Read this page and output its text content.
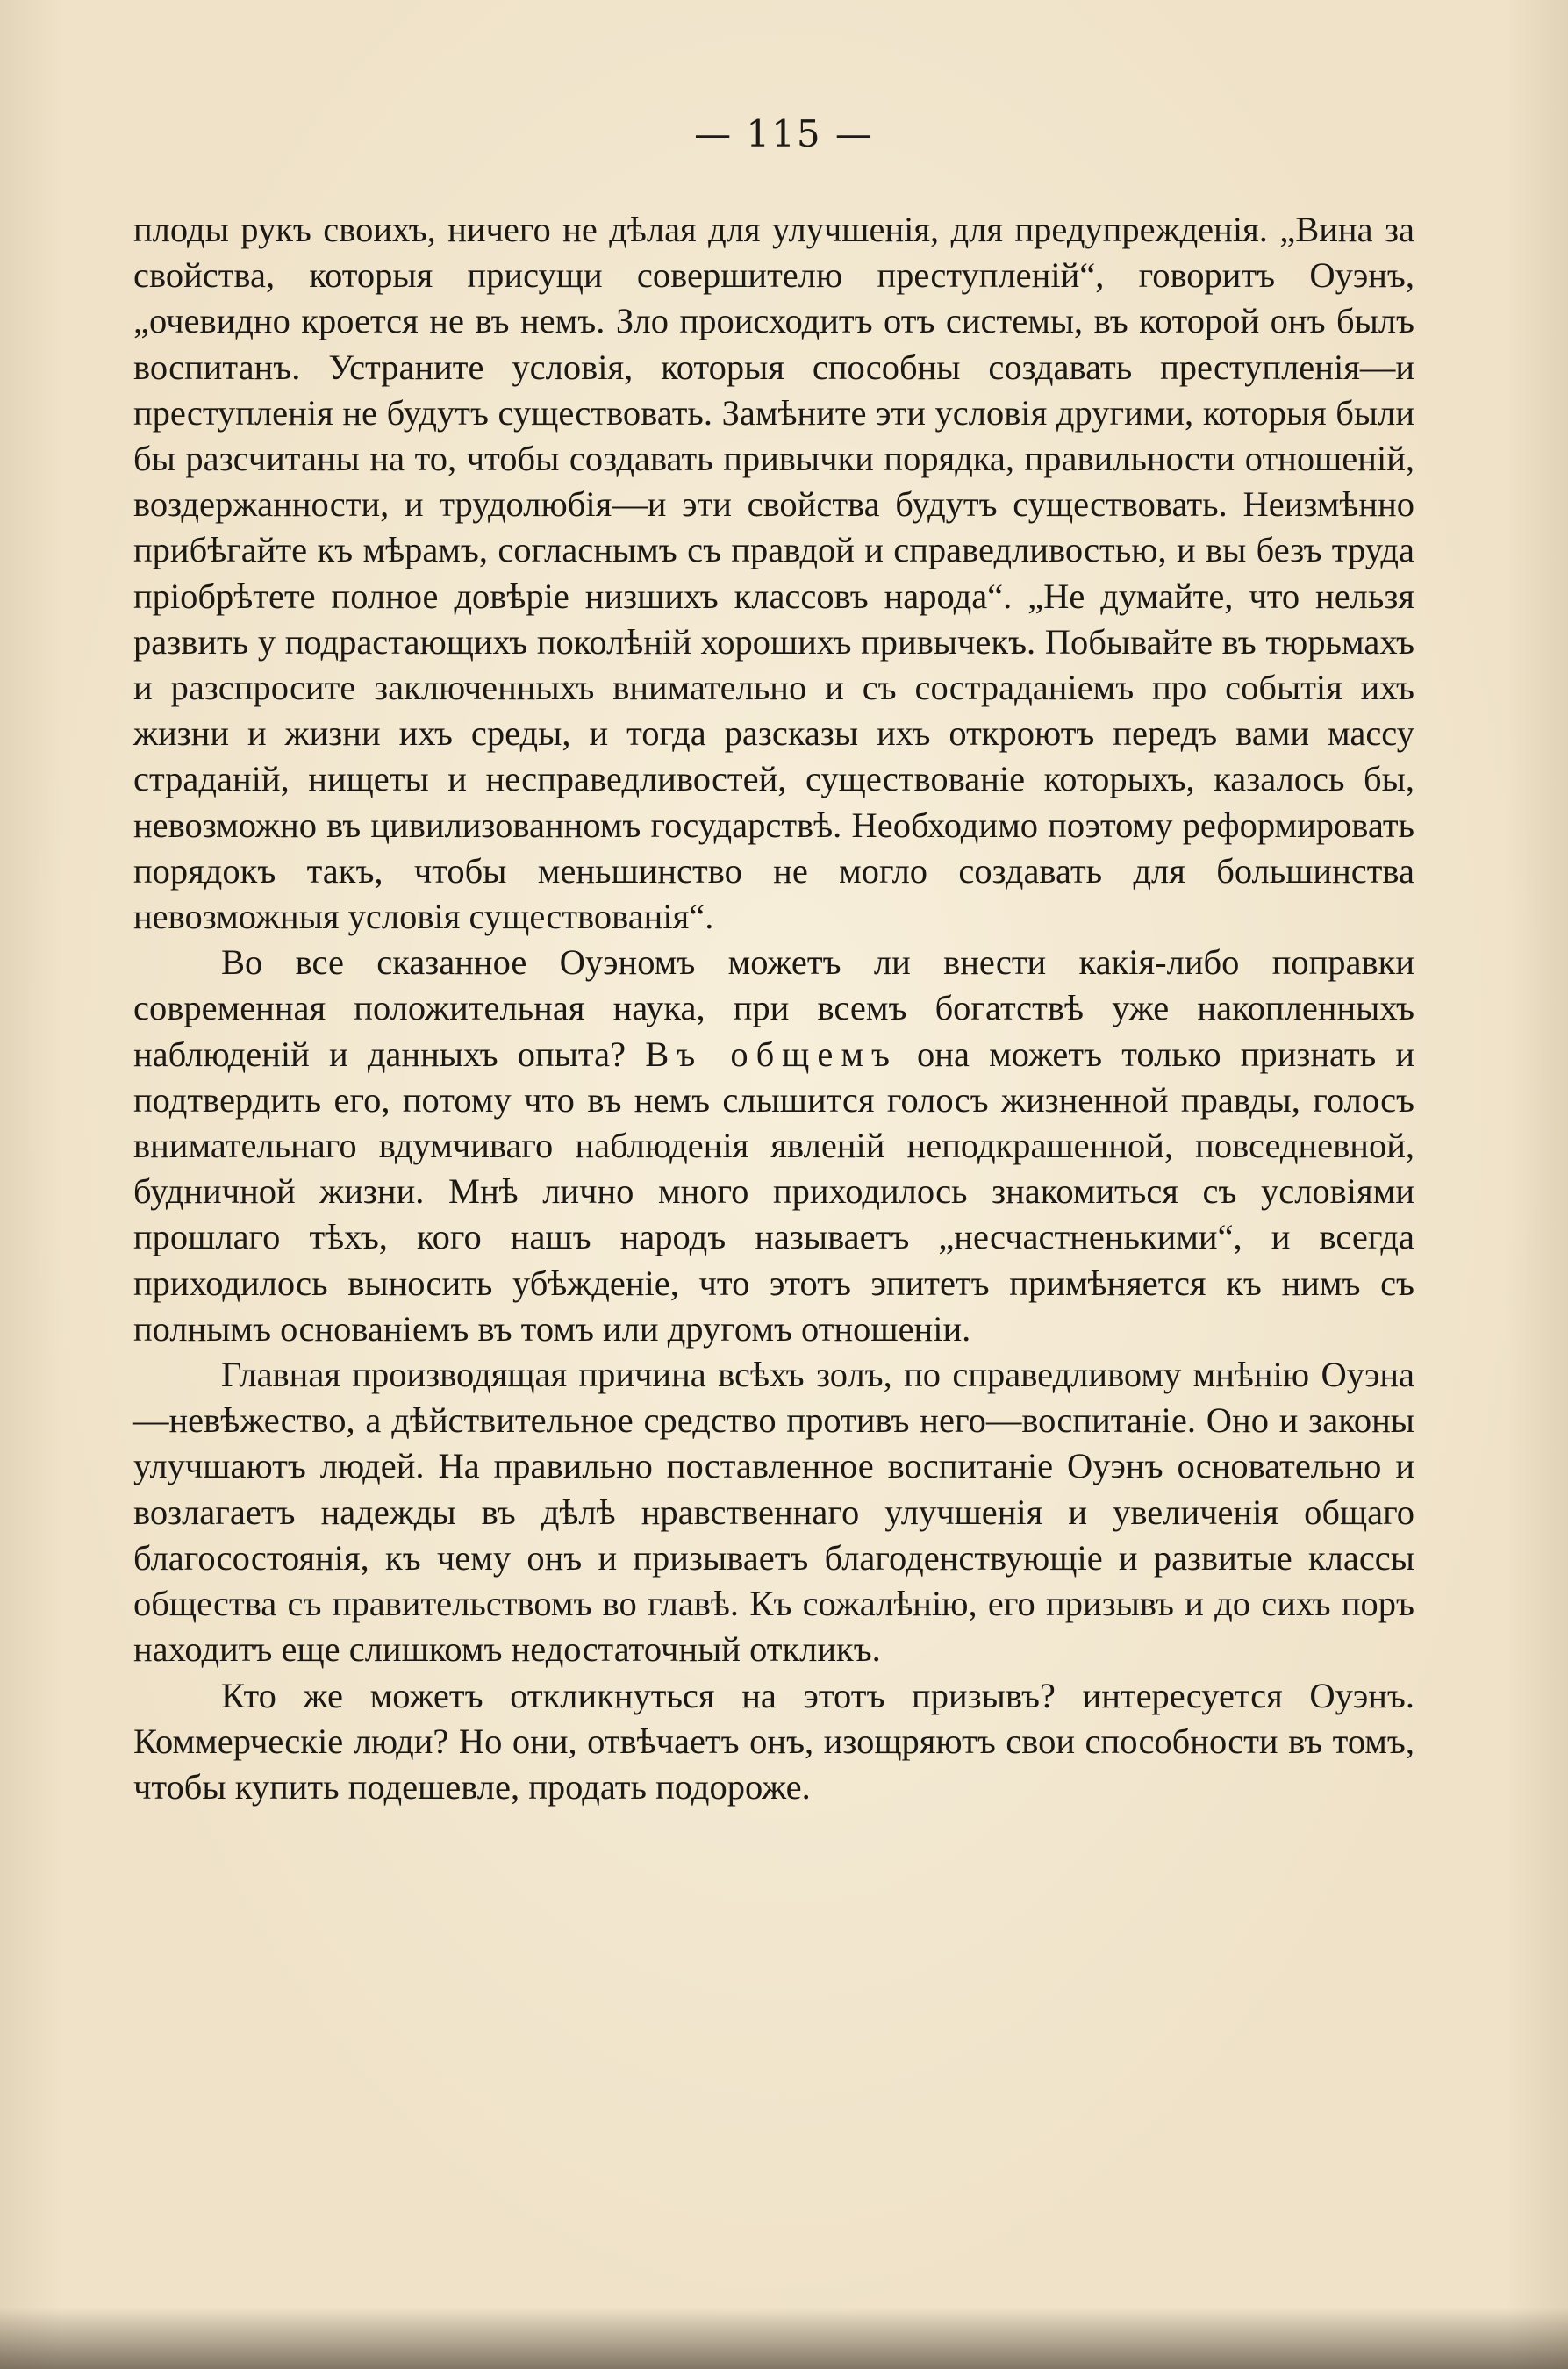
— 115 —

плоды рукъ своихъ, ничего не дѣлая для улучшенія, для предупрежденія. „Вина за свойства, которыя присущи совершителю преступленій“, говоритъ Оуэнъ, „очевидно кроется не въ немъ. Зло происходитъ отъ системы, въ которой онъ былъ воспитанъ. Устраните условія, которыя способны создавать преступленія—и преступленія не будутъ существовать. Замѣните эти условія другими, которыя были бы разсчитаны на то, чтобы создавать привычки порядка, правильности отношеній, воздержанности, и трудолюбія—и эти свойства будутъ существовать. Неизмѣнно прибѣгайте къ мѣрамъ, согласнымъ съ правдой и справедливостью, и вы безъ труда пріобрѣтете полное довѣріе низшихъ классовъ народа“. „Не думайте, что нельзя развить у подрастающихъ поколѣній хорошихъ привычекъ. Побывайте въ тюрьмахъ и разспросите заключенныхъ внимательно и съ состраданіемъ про событія ихъ жизни и жизни ихъ среды, и тогда разсказы ихъ откроютъ передъ вами массу страданій, нищеты и несправедливостей, существованіе которыхъ, казалось бы, невозможно въ цивилизованномъ государствѣ. Необходимо поэтому реформировать порядокъ такъ, чтобы меньшинство не могло создавать для большинства невозможныя условія существованія“.

Во все сказанное Оуэномъ можетъ ли внести какія-либо поправки современная положительная наука, при всемъ богатствѣ уже накопленныхъ наблюденій и данныхъ опыта? Въ общемъ она можетъ только признать и подтвердить его, потому что въ немъ слышится голосъ жизненной правды, голосъ внимательнаго вдумчиваго наблюденія явленій неподкрашенной, повседневной, будничной жизни. Мнѣ лично много приходилось знакомиться съ условіями прошлаго тѣхъ, кого нашъ народъ называетъ „несчастненькими“, и всегда приходилось выносить убѣжденіе, что этотъ эпитетъ примѣняется къ нимъ съ полнымъ основаніемъ въ томъ или другомъ отношеніи.

Главная производящая причина всѣхъ золъ, по справедливому мнѣнію Оуэна—невѣжество, а дѣйствительное средство противъ него—воспитаніе. Оно и законы улучшаютъ людей. На правильно поставленное воспитаніе Оуэнъ основательно и возлагаетъ надежды въ дѣлѣ нравственнаго улучшенія и увеличенія общаго благосостоянія, къ чему онъ и призываетъ благоденствующіе и развитые классы общества съ правительствомъ во главѣ. Къ сожалѣнію, его призывъ и до сихъ поръ находитъ еще слишкомъ недостаточный откликъ.

Кто же можетъ откликнуться на этотъ призывъ? интересуется Оуэнъ. Коммерческіе люди? Но они, отвѣчаетъ онъ, изощряютъ свои способности въ томъ, чтобы купить подешевле, продать подороже.
